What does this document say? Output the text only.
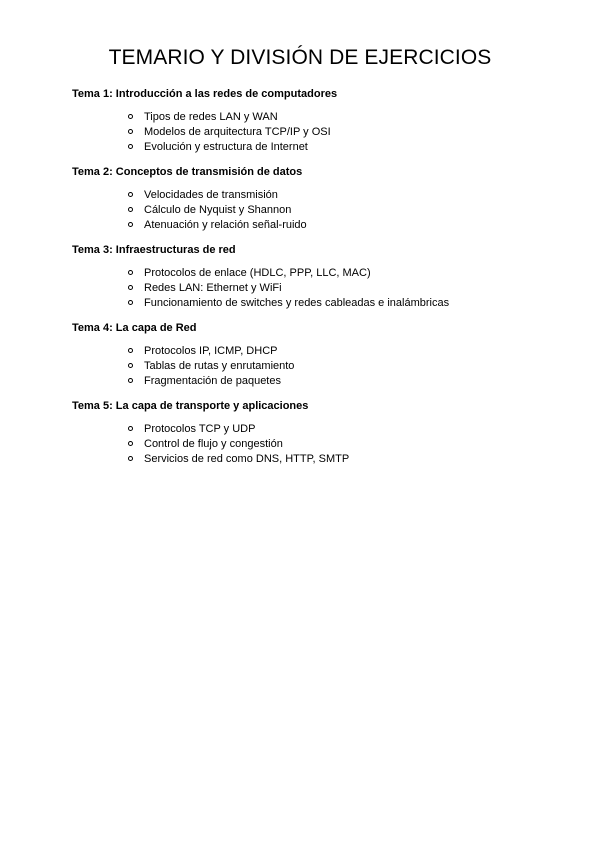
TEMARIO Y DIVISIÓN DE EJERCICIOS
Tema 1: Introducción a las redes de computadores
Tipos de redes LAN y WAN
Modelos de arquitectura TCP/IP y OSI
Evolución y estructura de Internet
Tema 2: Conceptos de transmisión de datos
Velocidades de transmisión
Cálculo de Nyquist y Shannon
Atenuación y relación señal-ruido
Tema 3: Infraestructuras de red
Protocolos de enlace (HDLC, PPP, LLC, MAC)
Redes LAN: Ethernet y WiFi
Funcionamiento de switches y redes cableadas e inalámbricas
Tema 4: La capa de Red
Protocolos IP, ICMP, DHCP
Tablas de rutas y enrutamiento
Fragmentación de paquetes
Tema 5: La capa de transporte y aplicaciones
Protocolos TCP y UDP
Control de flujo y congestión
Servicios de red como DNS, HTTP, SMTP
